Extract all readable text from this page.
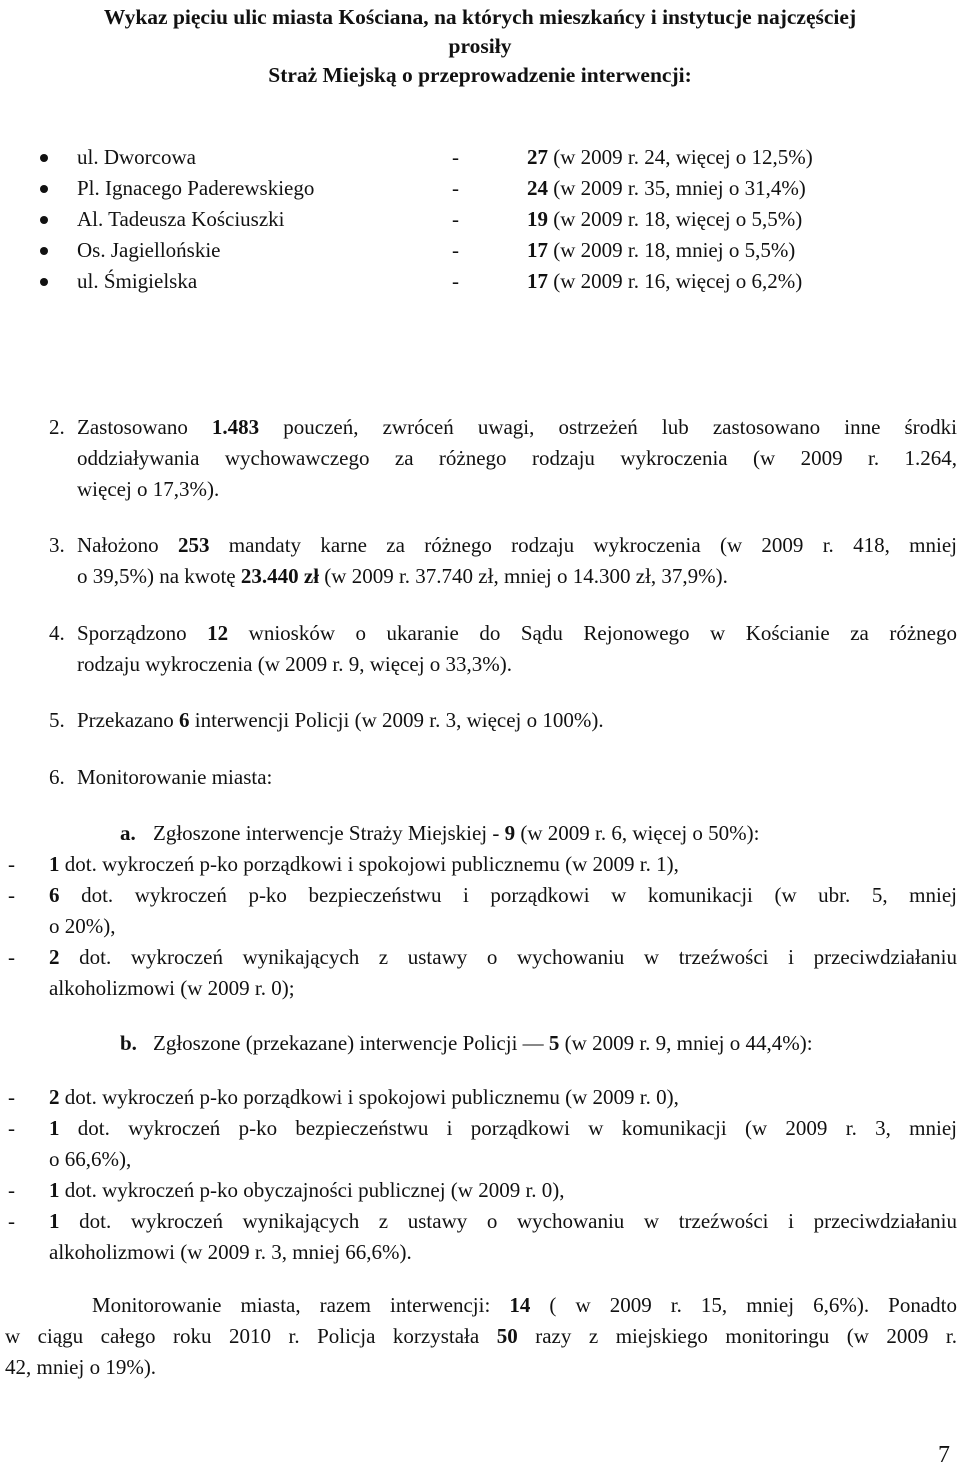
Wykaz pięciu ulic miasta Kościana, na których mieszkańcy i instytucje najczęściej
prosiły
Straż Miejską o przeprowadzenie interwencji:
ul. Dworcowa	-	27 (w 2009 r. 24, więcej o 12,5%)
Pl. Ignacego Paderewskiego	-	24 (w 2009 r. 35, mniej o 31,4%)
Al. Tadeusza Kościuszki	-	19 (w 2009 r. 18, więcej o 5,5%)
Os. Jagiellońskie	-	17 (w 2009 r. 18, mniej o 5,5%)
ul. Śmigielska	-	17 (w 2009 r. 16, więcej o 6,2%)
2. Zastosowano 1.483 pouczeń, zwróceń uwagi, ostrzeżeń lub zastosowano inne środki
oddziaływania wychowawczego za różnego rodzaju wykroczenia (w 2009 r. 1.264,
więcej o 17,3%).
3. Nałożono 253 mandaty karne za różnego rodzaju wykroczenia (w 2009 r. 418, mniej
o 39,5%) na kwotę 23.440 zł (w 2009 r. 37.740 zł, mniej o 14.300 zł, 37,9%).
4. Sporządzono 12 wniosków o ukaranie do Sądu Rejonowego w Kościanie za różnego
rodzaju wykroczenia (w 2009 r. 9, więcej o 33,3%).
5. Przekazano 6 interwencji Policji (w 2009 r. 3, więcej o 100%).
6. Monitorowanie miasta:
a. Zgłoszone interwencje Straży Miejskiej - 9 (w 2009 r. 6, więcej o 50%):
- 1 dot. wykroczeń p-ko porządkowi i spokojowi publicznemu (w 2009 r. 1),
- 6 dot. wykroczeń p-ko bezpieczeństwu i porządkowi w komunikacji (w ubr. 5, mniej
o 20%),
- 2 dot. wykroczeń wynikających z ustawy o wychowaniu w trzeźwości i przeciwdziałaniu
alkoholizmowi (w 2009 r. 0);
b. Zgłoszone (przekazane) interwencje Policji — 5 (w 2009 r. 9, mniej o 44,4%):
- 2 dot. wykroczeń p-ko porządkowi i spokojowi publicznemu (w 2009 r. 0),
- 1 dot. wykroczeń p-ko bezpieczeństwu i porządkowi w komunikacji (w 2009 r. 3, mniej
o 66,6%),
- 1 dot. wykroczeń p-ko obyczajności publicznej (w 2009 r. 0),
- 1 dot. wykroczeń wynikających z ustawy o wychowaniu w trzeźwości i przeciwdziałaniu
alkoholizmowi (w 2009 r. 3, mniej 66,6%).
Monitorowanie miasta, razem interwencji: 14 ( w 2009 r. 15, mniej 6,6%). Ponadto
w ciągu całego roku 2010 r. Policja korzystała 50 razy z miejskiego monitoringu (w 2009 r.
42, mniej o 19%).
7
